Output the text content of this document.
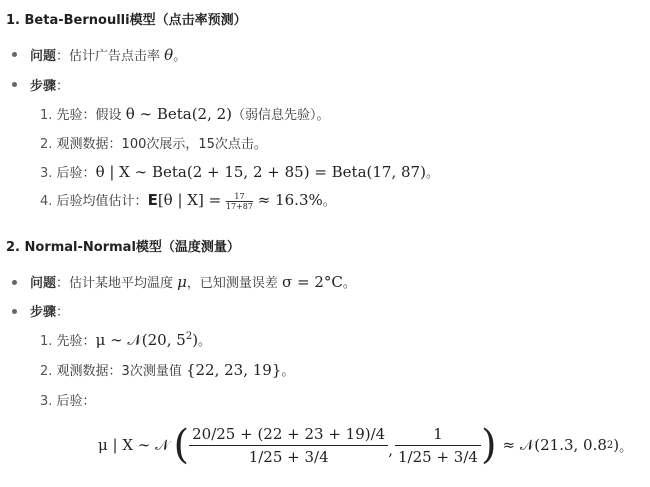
1. Beta-Bernoulli模型（点击率预测）
问题：估计广告点击率 θ。
步骤：
1. 先验：假设 θ ∼ Beta(2, 2)（弱信息先验）。
2. 观测数据：100次展示，15次点击。
3. 后验：θ | X ∼ Beta(2 + 15, 2 + 85) = Beta(17, 87)。
4. 后验均值估计：E[θ | $X] = \frac{17}{17+87} \approx 16.3\%$。
2. Normal-Normal模型（温度测量）
问题：估计某地平均温度 μ，已知测量误差 σ = 2°C。
步骤：
1. 先验：μ ∼ 𝒩(20, $5^2$)。
2. 观测数据：3次测量值 {22, 23, 19}。
3. 后验：
μ | X ∼ 𝒩 ( $\frac{20/25 + (22 + 23 + 19)/4}{1/25 + 3/4}$ , $\frac{1}{1/25 + 3/4}$ ) ≈ 𝒩(21.3, 0.8 2 ) 。
